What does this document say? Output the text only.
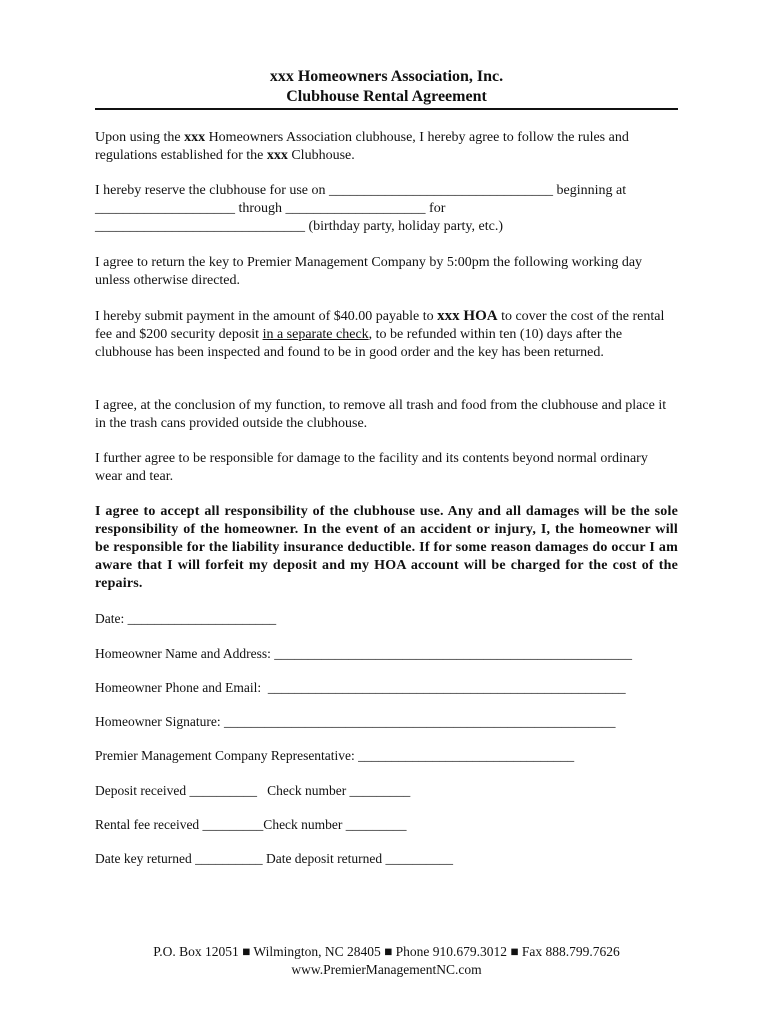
xxx Homeowners Association, Inc.
Clubhouse Rental Agreement
Upon using the xxx Homeowners Association clubhouse, I hereby agree to follow the rules and regulations established for the xxx Clubhouse.
I hereby reserve the clubhouse for use on ________________________________ beginning at
____________________ through ____________________ for
______________________________ (birthday party, holiday party, etc.)
I agree to return the key to Premier Management Company by 5:00pm the following working day unless otherwise directed.
I hereby submit payment in the amount of $40.00 payable to xxx HOA to cover the cost of the rental fee and $200 security deposit in a separate check, to be refunded within ten (10) days after the clubhouse has been inspected and found to be in good order and the key has been returned.
I agree, at the conclusion of my function, to remove all trash and food from the clubhouse and place it in the trash cans provided outside the clubhouse.
I further agree to be responsible for damage to the facility and its contents beyond normal ordinary wear and tear.
I agree to accept all responsibility of the clubhouse use. Any and all damages will be the sole responsibility of the homeowner. In the event of an accident or injury, I, the homeowner will be responsible for the liability insurance deductible. If for some reason damages do occur I am aware that I will forfeit my deposit and my HOA account will be charged for the cost of the repairs.
Date: ______________________
Homeowner Name and Address: _____________________________________________________
Homeowner Phone and Email:  _____________________________________________________
Homeowner Signature: __________________________________________________________
Premier Management Company Representative: ________________________________
Deposit received __________   Check number _________
Rental fee received _________Check number _________
Date key returned __________ Date deposit returned __________
P.O. Box 12051 ■ Wilmington, NC 28405 ■ Phone 910.679.3012 ■ Fax 888.799.7626
www.PremierManagementNC.com
